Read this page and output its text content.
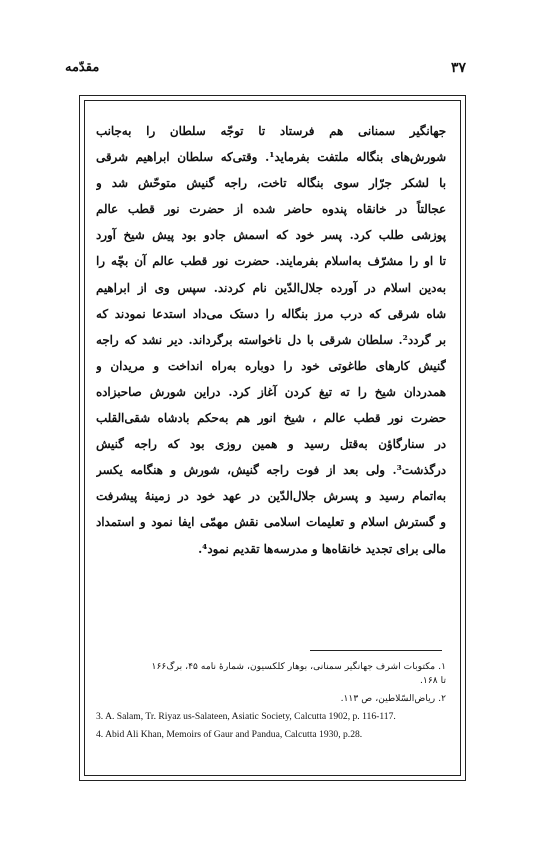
مقدّمه	۳۷
جهانگیر سمنانی هم فرستاد تا توجّه سلطان را به‌جانب
شورش‌های بنگاله ملتفت بفرماید¹. وقتی‌که سلطان ابراهیم شرقی
با لشکر جرّار سوی بنگاله تاخت، راجه گنیش متوحّش شد و
عجالتاً در خانقاه پندوه حاضر شده از حضرت نور قطب عالم
پوزشی طلب کرد. پسر خود که اسمش جادو بود پیش شیخ آورد
تا او را مشرّف به‌اسلام بفرمایند. حضرت نور قطب عالم آن بچّه را
به‌دین اسلام در آورده جلال‌الدّین نام کردند. سپس وی از ابراهیم
شاه شرقی که درب مرز بنگاله را دستک می‌داد استدعا نمودند که
بر گردد². سلطان شرقی با دل ناخواسته برگرداند. دیر نشد که راجه
گنیش کارهای طاغوتی خود را دوباره به‌راه انداخت و مریدان و
همدردان شیخ را ته تیغ کردن آغاز کرد. دراین شورش صاحبزاده
حضرت نور قطب عالم ، شیخ انور هم به‌حکم بادشاه شقی‌القلب
در سنارگاؤن به‌قتل رسید و همین روزی بود که راجه گنیش
درگذشت³. ولی بعد از فوت راجه گنیش، شورش و هنگامه یکسر
به‌اتمام رسید و پسرش جلال‌الدّین در عهد خود در زمینهٔ پیشرفت
و گسترش اسلام و تعلیمات اسلامی نقش مهمّی ایفا نمود و استمداد
مالی برای تجدید خانقاه‌ها و مدرسه‌ها تقدیم نمود⁴.

۱. مکتوبات اشرف جهانگیر سمنانی، بوهار کلکسیون، شمارهٔ نامه ۴۵، برگ۱۶۶

تا ۱۶۸.

۲. ریاض‌السّلاطین، ص ۱۱۳.

3. A. Salam, Tr. Riyaz us-Salateen, Asiatic Society, Calcutta 1902, p. 116-117.

4. Abid Ali Khan, Memoirs of Gaur and Pandua, Calcutta 1930, p.28.
